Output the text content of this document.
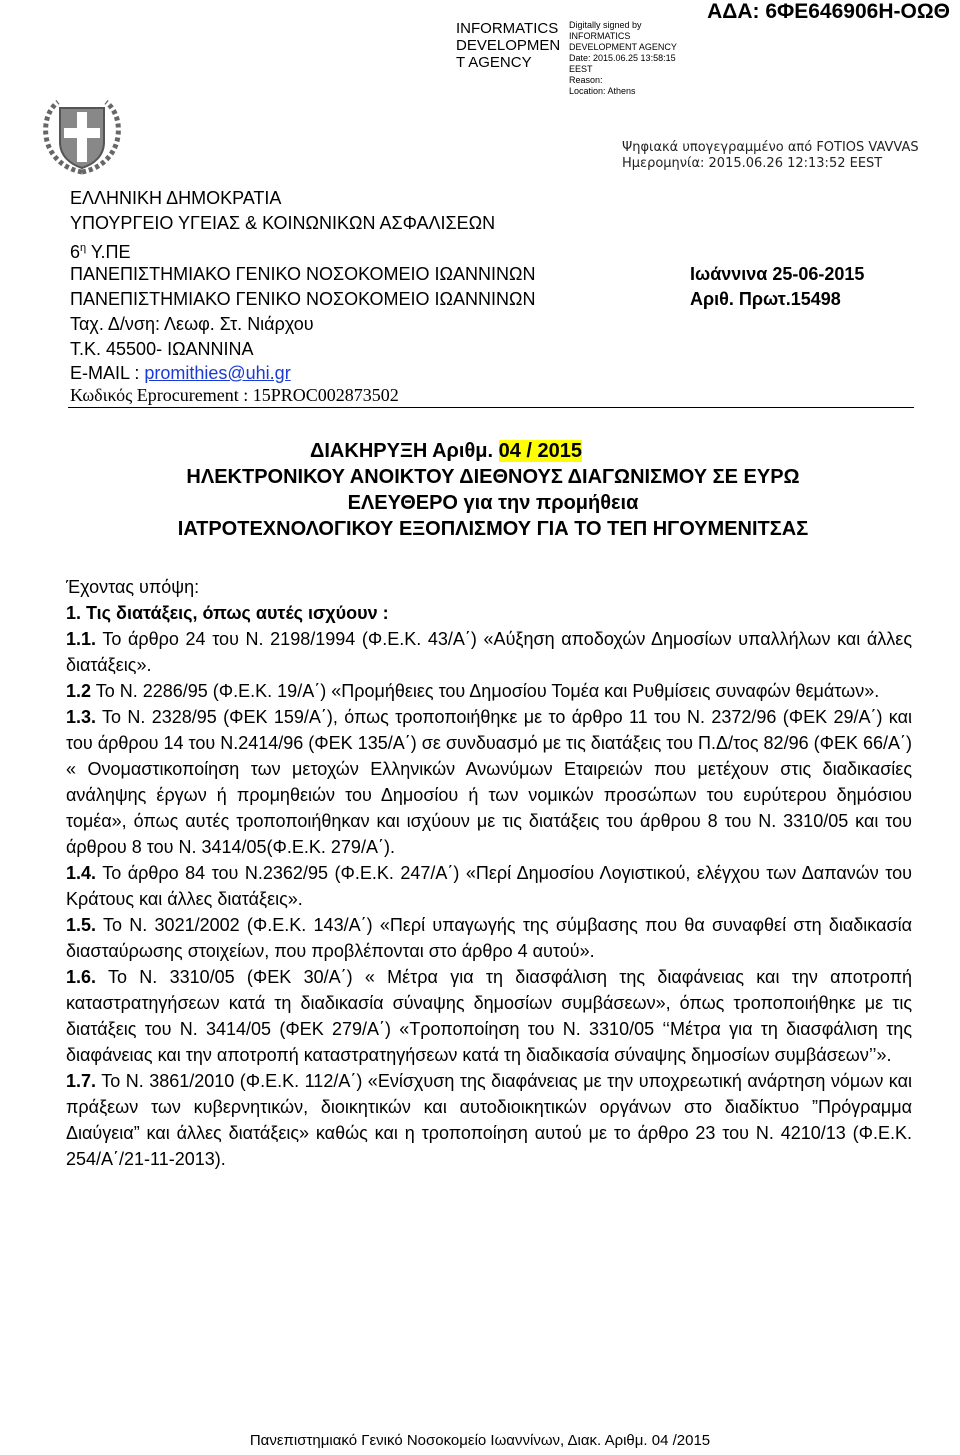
INFORMATICS
DEVELOPMEN
T AGENCY
Digitally signed by
INFORMATICS
DEVELOPMENT AGENCY
Date: 2015.06.25 13:58:15
EEST
Reason:
Location: Athens
ΑΔΑ: 6ΦΕ646906Η-ΟΩΘ
Ψηφιακά υπογεγραμμένο από FOTIOS VAVVAS
Ημερομηνία: 2015.06.26 12:13:52 EEST
ΕΛΛΗΝΙΚΗ ΔΗΜΟΚΡΑΤΙΑ
ΥΠΟΥΡΓΕΙΟ ΥΓΕΙΑΣ & ΚΟΙΝΩΝΙΚΩΝ ΑΣΦΑΛΙΣΕΩΝ
$6^\eta$ Υ.ΠΕ
ΠΑΝΕΠΙΣΤΗΜΙΑΚΟ ΓΕΝΙΚΟ ΝΟΣΟΚΟΜΕΙΟ ΙΩΑΝΝΙΝΩΝ
ΠΑΝΕΠΙΣΤΗΜΙΑΚΟ ΓΕΝΙΚΟ ΝΟΣΟΚΟΜΕΙΟ ΙΩΑΝΝΙΝΩΝ
Ταχ. Δ/νση: Λεωφ. Στ. Νιάρχου
Τ.Κ. 45500- ΙΩΑΝΝΙΝΑ
E-MAIL : promithies@uhi.gr
Κωδικός Eprocurement : 15PROC002873502
Ιωάννινα 25-06-2015
Αριθ. Πρωτ.15498
ΔΙΑΚΗΡΥΞΗ Αριθμ. 04 / 2015
ΗΛΕΚΤΡΟΝΙΚΟΥ ΑΝΟΙΚΤΟΥ ΔΙΕΘΝΟΥΣ ΔΙΑΓΩΝΙΣΜΟΥ ΣΕ ΕΥΡΩ
ΕΛΕΥΘΕΡΟ για την προμήθεια
ΙΑΤΡΟΤΕΧΝΟΛΟΓΙΚΟΥ ΕΞΟΠΛΙΣΜΟΥ ΓΙΑ ΤΟ ΤΕΠ ΗΓΟΥΜΕΝΙΤΣΑΣ

Έχοντας υπόψη:

1. Τις διατάξεις, όπως αυτές ισχύουν :

1.1. Το άρθρο 24 του Ν. 2198/1994 (Φ.Ε.Κ. 43/Α΄) «Αύξηση αποδοχών Δημοσίων υπαλλήλων και άλλες διατάξεις».

1.2 Το Ν. 2286/95 (Φ.Ε.Κ. 19/Α΄) «Προμήθειες του Δημοσίου Τομέα και Ρυθμίσεις συναφών θεμάτων».

1.3. Το Ν. 2328/95 (ΦΕΚ 159/Α΄), όπως τροποποιήθηκε με το άρθρο 11 του Ν. 2372/96 (ΦΕΚ 29/Α΄) και του άρθρου 14 του Ν.2414/96 (ΦΕΚ 135/Α΄) σε συνδυασμό με τις διατάξεις του Π.Δ/τος 82/96 (ΦΕΚ 66/Α΄) « Ονομαστικοποίηση των μετοχών Ελληνικών Ανωνύμων Εταιρειών που μετέχουν στις διαδικασίες ανάληψης έργων ή προμηθειών του Δημοσίου ή των νομικών προσώπων του ευρύτερου δημόσιου τομέα», όπως αυτές τροποποιήθηκαν και ισχύουν με τις διατάξεις του άρθρου 8 του Ν. 3310/05 και του άρθρου 8 του Ν. 3414/05(Φ.Ε.Κ. 279/Α΄).

1.4. Το άρθρο 84 του Ν.2362/95 (Φ.Ε.Κ. 247/Α΄) «Περί Δημοσίου Λογιστικού, ελέγχου των Δαπανών του Κράτους και άλλες διατάξεις».

1.5. Το Ν. 3021/2002 (Φ.Ε.Κ. 143/Α΄) «Περί υπαγωγής της σύμβασης που θα συναφθεί στη διαδικασία διασταύρωσης στοιχείων, που προβλέπονται στο άρθρο 4 αυτού».

1.6. Το Ν. 3310/05 (ΦΕΚ 30/Α΄) « Μέτρα για τη διασφάλιση της διαφάνειας και την αποτροπή καταστρατηγήσεων κατά τη διαδικασία σύναψης δημοσίων συμβάσεων», όπως τροποποιήθηκε με τις διατάξεις του Ν. 3414/05 (ΦΕΚ 279/Α΄) «Τροποποίηση του Ν. 3310/05 ‘‘Μέτρα για τη διασφάλιση της διαφάνειας και την αποτροπή καταστρατηγήσεων κατά τη διαδικασία σύναψης δημοσίων συμβάσεων’’».

1.7. Το Ν. 3861/2010 (Φ.Ε.Κ. 112/Α΄) «Ενίσχυση της διαφάνειας με την υποχρεωτική ανάρτηση νόμων και πράξεων των κυβερνητικών, διοικητικών και αυτοδιοικητικών οργάνων στο διαδίκτυο ”Πρόγραμμα Διαύγεια” και άλλες διατάξεις» καθώς και η τροποποίηση αυτού με το άρθρο 23 του Ν. 4210/13 (Φ.Ε.Κ. 254/Α΄/21-11-2013).

Πανεπιστημιακό Γενικό Νοσοκομείο Ιωαννίνων, Διακ. Αριθμ. 04 /2015
